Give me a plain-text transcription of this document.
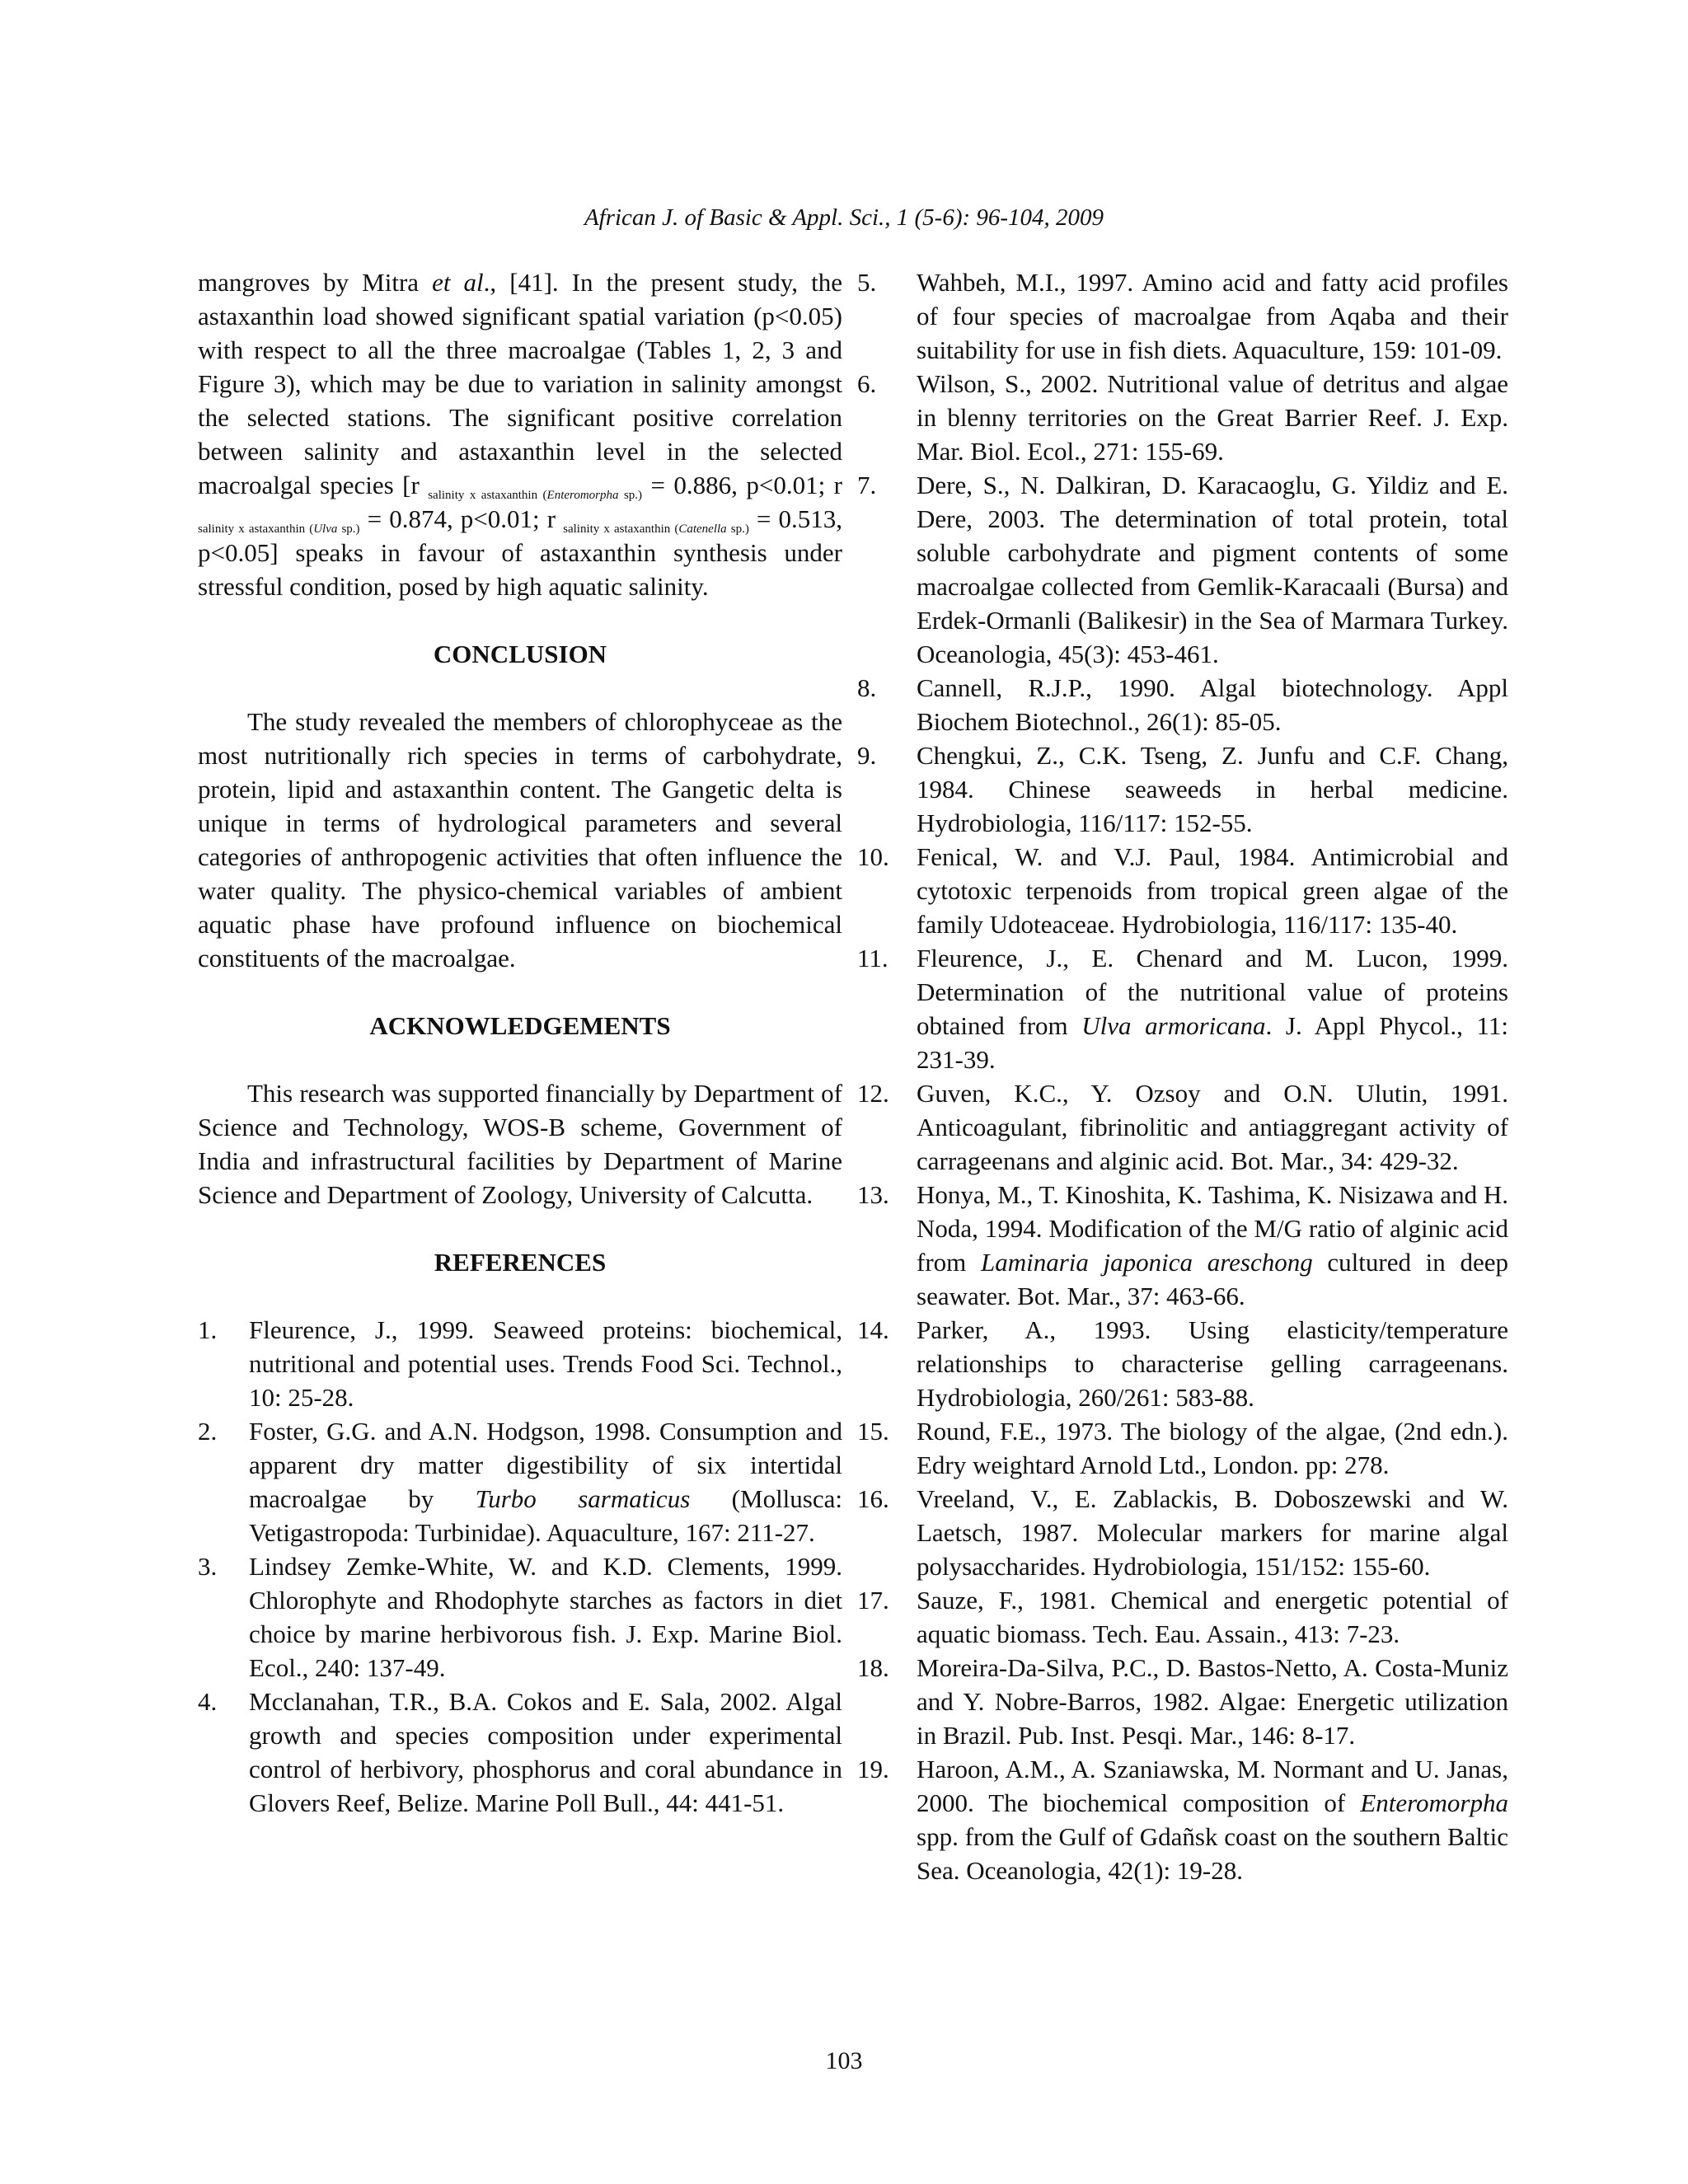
African J. of Basic & Appl. Sci., 1 (5-6): 96-104, 2009

mangroves by Mitra et al., [41]. In the present study, the astaxanthin load showed significant spatial variation (p<0.05) with respect to all the three macroalgae (Tables 1, 2, 3 and Figure 3), which may be due to variation in salinity amongst the selected stations. The significant positive correlation between salinity and astaxanthin level in the selected macroalgal species [r $_{salinity x astaxanthin (Enteromorpha sp.)}$ = 0.886, p<0.01; r $_{salinity x astaxanthin (Ulva sp.)}$ = 0.874, p<0.01; r $_{salinity x astaxanthin (Catenella sp.)}$ = 0.513, p<0.05] speaks in favour of astaxanthin synthesis under stressful condition, posed by high aquatic salinity.

CONCLUSION

The study revealed the members of chlorophyceae as the most nutritionally rich species in terms of carbohydrate, protein, lipid and astaxanthin content. The Gangetic delta is unique in terms of hydrological parameters and several categories of anthropogenic activities that often influence the water quality. The physico-chemical variables of ambient aquatic phase have profound influence on biochemical constituents of the macroalgae.

ACKNOWLEDGEMENTS

This research was supported financially by Department of Science and Technology, WOS-B scheme, Government of India and infrastructural facilities by Department of Marine Science and Department of Zoology, University of Calcutta.

REFERENCES
1.	Fleurence, J., 1999. Seaweed proteins: biochemical, nutritional and potential uses. Trends Food Sci. Technol., 10: 25-28.
2.	Foster, G.G. and A.N. Hodgson, 1998. Consumption and apparent dry matter digestibility of six intertidal macroalgae by Turbo sarmaticus (Mollusca: Vetigastropoda: Turbinidae). Aquaculture, 167: 211-27.
3.	Lindsey Zemke-White, W. and K.D. Clements, 1999. Chlorophyte and Rhodophyte starches as factors in diet choice by marine herbivorous fish. J. Exp. Marine Biol. Ecol., 240: 137-49.
4.	Mcclanahan, T.R., B.A. Cokos and E. Sala, 2002. Algal growth and species composition under experimental control of herbivory, phosphorus and coral abundance in Glovers Reef, Belize. Marine Poll Bull., 44: 441-51.
5.	Wahbeh, M.I., 1997. Amino acid and fatty acid profiles of four species of macroalgae from Aqaba and their suitability for use in fish diets. Aquaculture, 159: 101-09.
6.	Wilson, S., 2002. Nutritional value of detritus and algae in blenny territories on the Great Barrier Reef. J. Exp. Mar. Biol. Ecol., 271: 155-69.
7.	Dere, S., N. Dalkiran, D. Karacaoglu, G. Yildiz and E. Dere, 2003. The determination of total protein, total soluble carbohydrate and pigment contents of some macroalgae collected from Gemlik-Karacaali (Bursa) and Erdek-Ormanli (Balikesir) in the Sea of Marmara Turkey. Oceanologia, 45(3): 453-461.
8.	Cannell, R.J.P., 1990. Algal biotechnology. Appl Biochem Biotechnol., 26(1): 85-05.
9.	Chengkui, Z., C.K. Tseng, Z. Junfu and C.F. Chang, 1984. Chinese seaweeds in herbal medicine. Hydrobiologia, 116/117: 152-55.
10.	Fenical, W. and V.J. Paul, 1984. Antimicrobial and cytotoxic terpenoids from tropical green algae of the family Udoteaceae. Hydrobiologia, 116/117: 135-40.
11.	Fleurence, J., E. Chenard and M. Lucon, 1999. Determination of the nutritional value of proteins obtained from Ulva armoricana. J. Appl Phycol., 11: 231-39.
12.	Guven, K.C., Y. Ozsoy and O.N. Ulutin, 1991. Anticoagulant, fibrinolitic and antiaggregant activity of carrageenans and alginic acid. Bot. Mar., 34: 429-32.
13.	Honya, M., T. Kinoshita, K. Tashima, K. Nisizawa and H. Noda, 1994. Modification of the M/G ratio of alginic acid from Laminaria japonica areschong cultured in deep seawater. Bot. Mar., 37: 463-66.
14.	Parker, A., 1993. Using elasticity/temperature relationships to characterise gelling carrageenans. Hydrobiologia, 260/261: 583-88.
15.	Round, F.E., 1973. The biology of the algae, (2nd edn.). Edry weightard Arnold Ltd., London. pp: 278.
16.	Vreeland, V., E. Zablackis, B. Doboszewski and W. Laetsch, 1987. Molecular markers for marine algal polysaccharides. Hydrobiologia, 151/152: 155-60.
17.	Sauze, F., 1981. Chemical and energetic potential of aquatic biomass. Tech. Eau. Assain., 413: 7-23.
18.	Moreira-Da-Silva, P.C., D. Bastos-Netto, A. Costa-Muniz and Y. Nobre-Barros, 1982. Algae: Energetic utilization in Brazil. Pub. Inst. Pesqi. Mar., 146: 8-17.
19.	Haroon, A.M., A. Szaniawska, M. Normant and U. Janas, 2000. The biochemical composition of Enteromorpha spp. from the Gulf of Gdañsk coast on the southern Baltic Sea. Oceanologia, 42(1): 19-28.
103
